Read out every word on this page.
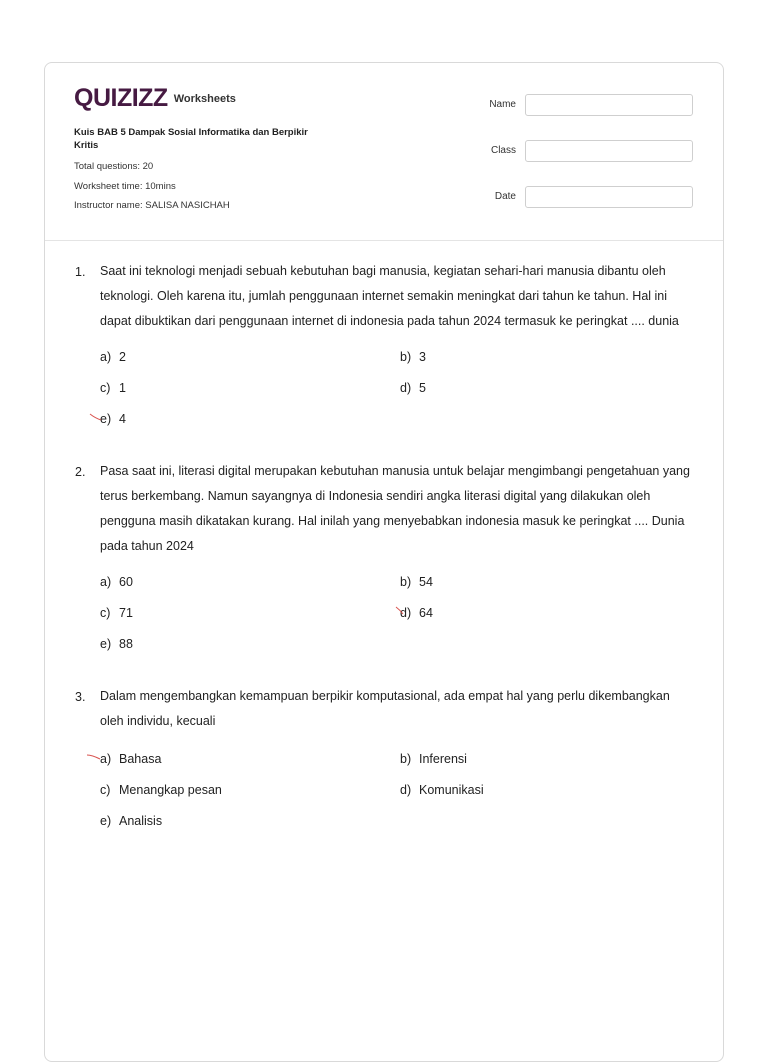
QUIZIZZ Worksheets
Kuis BAB 5 Dampak Sosial Informatika dan Berpikir Kritis
Total questions: 20
Worksheet time: 10mins
Instructor name: SALISA NASICHAH
Name
Class
Date
1. Saat ini teknologi menjadi sebuah kebutuhan bagi manusia, kegiatan sehari-hari manusia dibantu oleh teknologi. Oleh karena itu, jumlah penggunaan internet semakin meningkat dari tahun ke tahun. Hal ini dapat dibuktikan dari penggunaan internet di indonesia pada tahun 2024 termasuk ke peringkat .... dunia
a) 2	b) 3
c) 1	d) 5
e) 4
2. Pasa saat ini, literasi digital merupakan kebutuhan manusia untuk belajar mengimbangi pengetahuan yang terus berkembang. Namun sayangnya di Indonesia sendiri angka literasi digital yang dilakukan oleh pengguna masih dikatakan kurang. Hal inilah yang menyebabkan indonesia masuk ke peringkat .... Dunia pada tahun 2024
a) 60	b) 54
c) 71	d) 64
e) 88
3. Dalam mengembangkan kemampuan berpikir komputasional, ada empat hal yang perlu dikembangkan oleh individu, kecuali
a) Bahasa	b) Inferensi
c) Menangkap pesan	d) Komunikasi
e) Analisis
